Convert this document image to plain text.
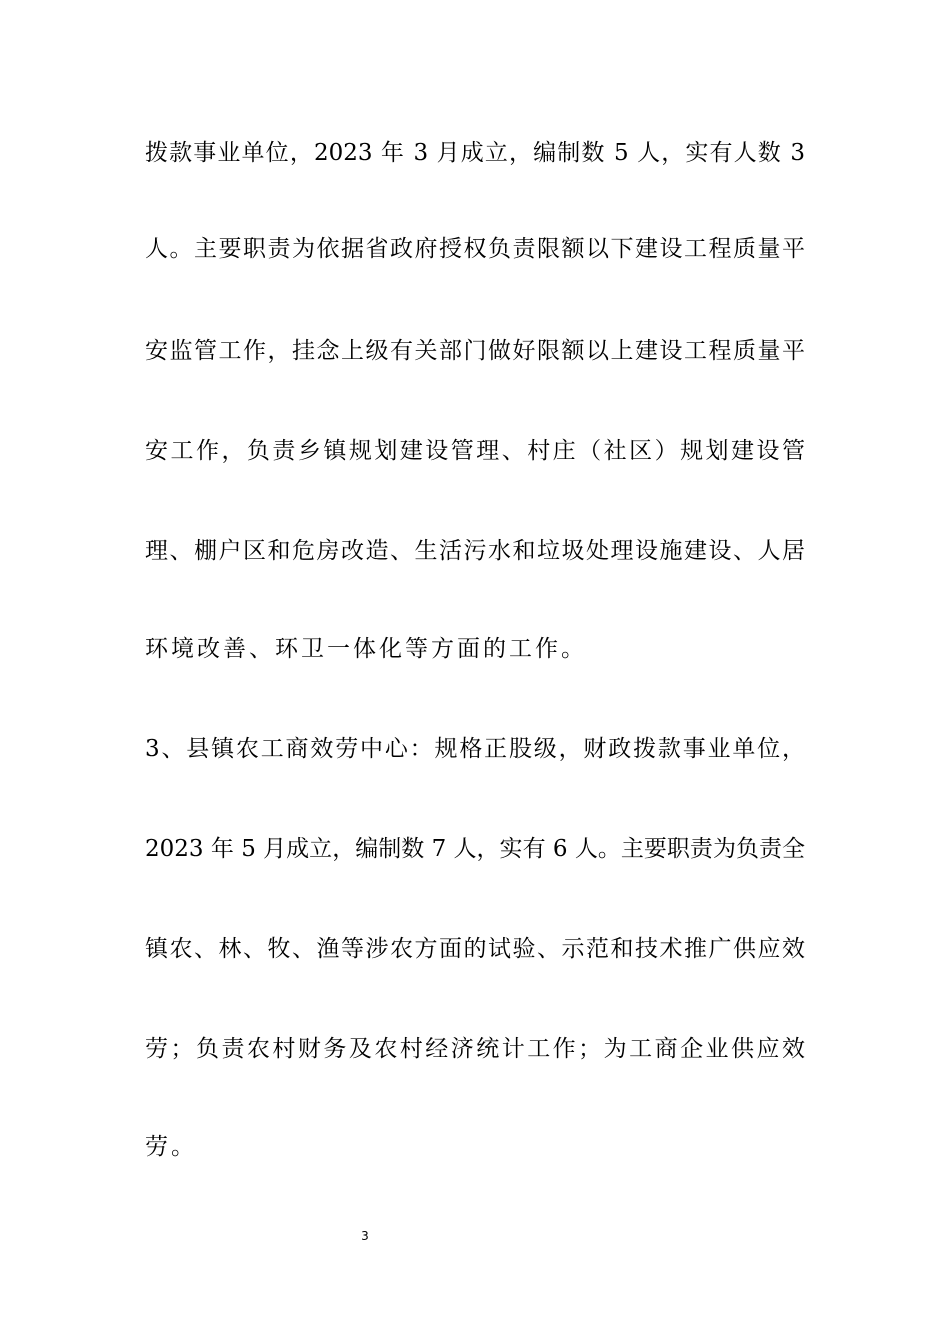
拨款事业单位，2023 年 3 月成立，编制数 5 人，实有人数 3
人。主要职责为依据省政府授权负责限额以下建设工程质量平
安监管工作，挂念上级有关部门做好限额以上建设工程质量平
安工作，负责乡镇规划建设管理、村庄（社区）规划建设管
理、棚户区和危房改造、生活污水和垃圾处理设施建设、人居
环境改善、环卫一体化等方面的工作。
3、县镇农工商效劳中心：规格正股级，财政拨款事业单位，
2023 年 5 月成立，编制数 7 人，实有 6 人。主要职责为负责全
镇农、林、牧、渔等涉农方面的试验、示范和技术推广供应效
劳；负责农村财务及农村经济统计工作；为工商企业供应效
劳。
3
